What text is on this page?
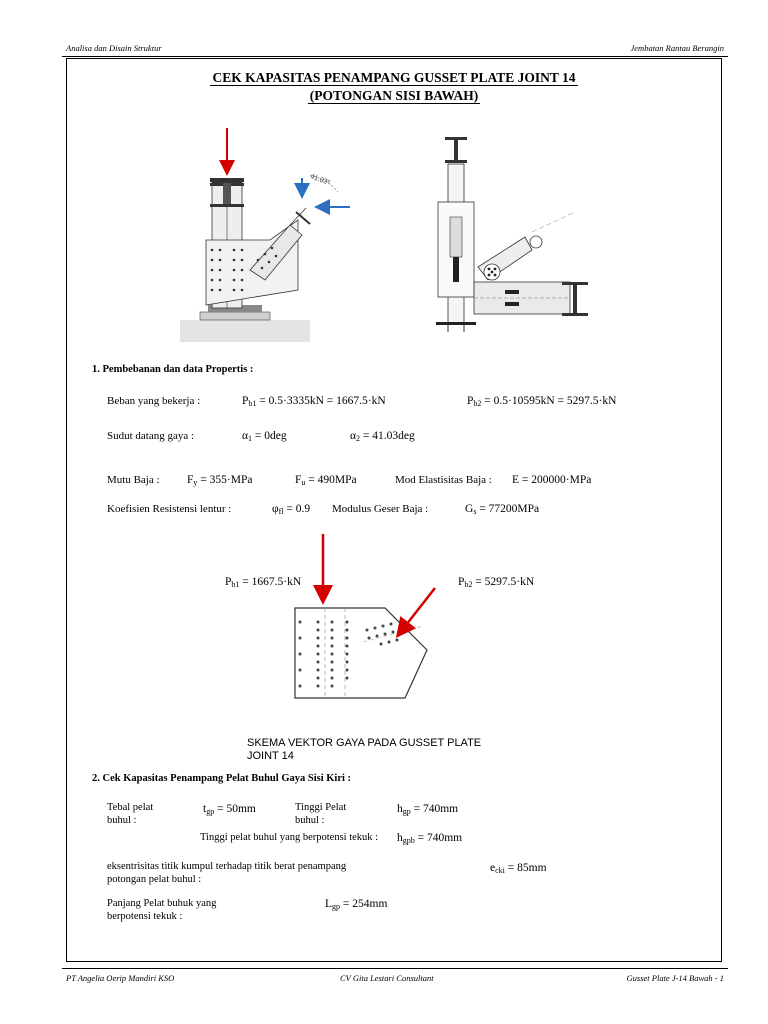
Analisa dan Disain Struktur	Jembatan Rantau Berangin
CEK KAPASITAS PENAMPANG GUSSET PLATE JOINT 14
(POTONGAN SISI BAWAH)
41.03º
1. Pembebanan dan data Propertis :
Beban yang bekerja :	$P_{b1} = 0.5\cdot 3335kN = 1667.5\cdot kN$	$P_{b2} = 0.5\cdot 10595kN = 5297.5\cdot kN$
Sudut datang gaya :	$\alpha_1 = 0deg$	$\alpha_2 = 41.03deg$
Mutu Baja : $F_y = 355\cdot MPa$	$F_u = 490MPa$	Mod Elastisitas Baja : E = 200000·MPa
Koefisien Resistensi lentur :	$\varphi_{fl} = 0.9$ Modulus Geser Baja :	$G_s = 77200MPa$
$P_{b1} = 1667.5\cdot kN$	$P_{b2} = 5297.5\cdot kN$
SKEMA VEKTOR GAYA PADA GUSSET PLATE
JOINT 14
2. Cek Kapasitas Penampang Pelat Buhul Gaya Sisi Kiri :
Tebal pelat
buhul :
$t_{gp} = 50mm$	Tinggi Pelat
buhul :
$h_{gp} = 740mm$
Tinggi pelat buhul yang berpotensi tekuk : $h_{gpb} = 740mm$
eksentrisitas titik kumpul terhadap titik berat penampang
potongan pelat buhul :
$e_{cki} = 85mm$
Panjang Pelat buhuk yang
berpotensi tekuk :
$L_{gp} = 254mm$
PT Angelia Oerip Mandiri KSO	CV Gita Lestari Consultant	Gusset Plate J-14 Bawah - 1
